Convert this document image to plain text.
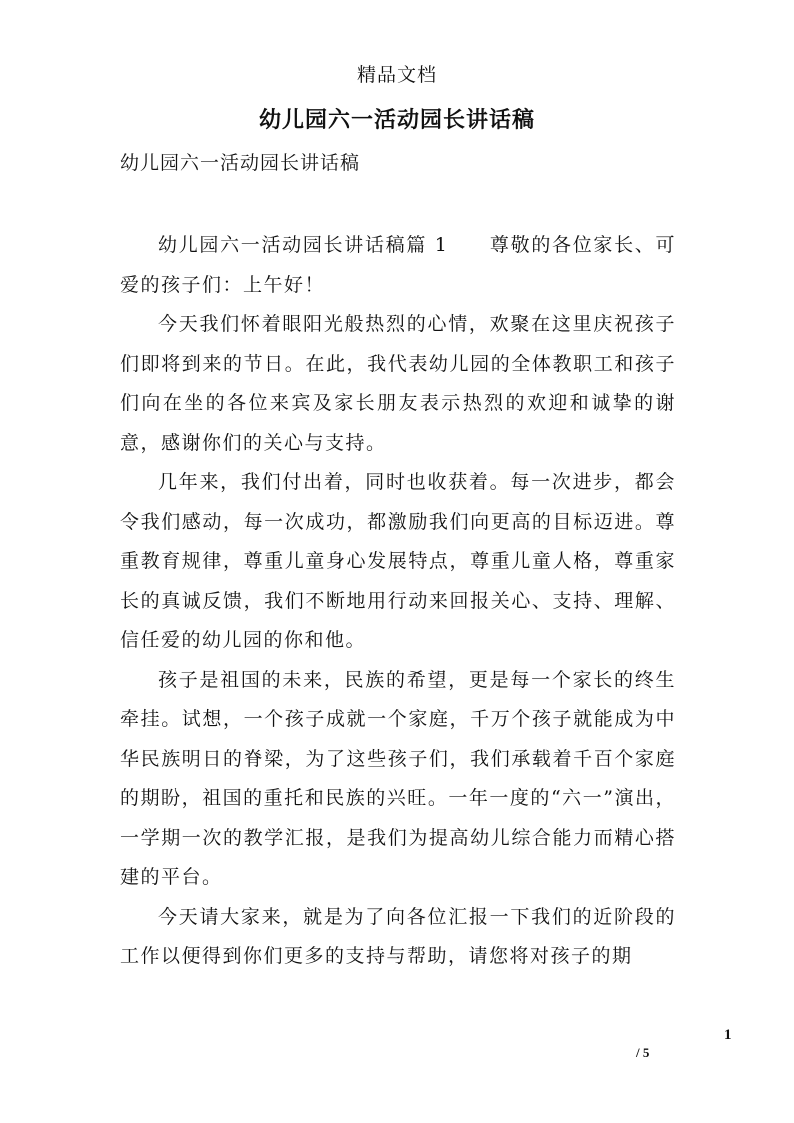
精品文档
幼儿园六一活动园长讲话稿
幼儿园六一活动园长讲话稿

幼儿园六一活动园长讲话稿篇 1　　尊敬的各位家长、可爱的孩子们：上午好！

今天我们怀着眼阳光般热烈的心情，欢聚在这里庆祝孩子们即将到来的节日。在此，我代表幼儿园的全体教职工和孩子们向在坐的各位来宾及家长朋友表示热烈的欢迎和诚挚的谢意，感谢你们的关心与支持。

几年来，我们付出着，同时也收获着。每一次进步，都会令我们感动，每一次成功，都激励我们向更高的目标迈进。尊重教育规律，尊重儿童身心发展特点，尊重儿童人格，尊重家长的真诚反馈，我们不断地用行动来回报关心、支持、理解、信任爱的幼儿园的你和他。

孩子是祖国的未来，民族的希望，更是每一个家长的终生牵挂。试想，一个孩子成就一个家庭，千万个孩子就能成为中华民族明日的脊梁，为了这些孩子们，我们承载着千百个家庭的期盼，祖国的重托和民族的兴旺。一年一度的“六一”演出，一学期一次的教学汇报，是我们为提高幼儿综合能力而精心搭建的平台。

今天请大家来，就是为了向各位汇报一下我们的近阶段的工作以便得到你们更多的支持与帮助，请您将对孩子的期

1
/ 5
